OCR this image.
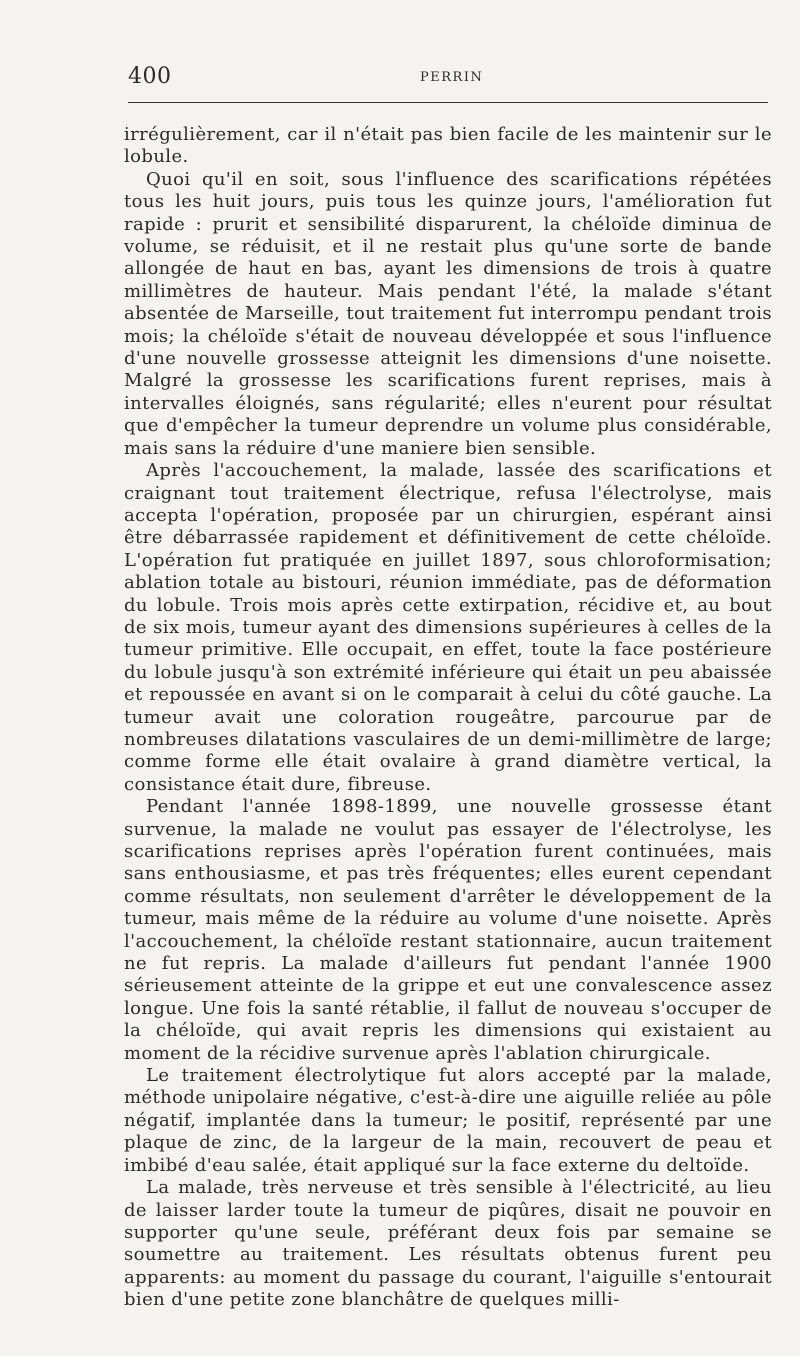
400	PERRIN

irrégulièrement, car il n'était pas bien facile de les maintenir sur le lobule.

Quoi qu'il en soit, sous l'influence des scarifications répétées tous les huit jours, puis tous les quinze jours, l'amélioration fut rapide : prurit et sensibilité disparurent, la chéloïde diminua de volume, se réduisit, et il ne restait plus qu'une sorte de bande allongée de haut en bas, ayant les dimensions de trois à quatre millimètres de hauteur. Mais pendant l'été, la malade s'étant absentée de Marseille, tout traitement fut interrompu pendant trois mois; la chéloïde s'était de nouveau développée et sous l'influence d'une nouvelle grossesse atteignit les dimensions d'une noisette. Malgré la grossesse les scarifications furent reprises, mais à intervalles éloignés, sans régularité; elles n'eurent pour résultat que d'empêcher la tumeur deprendre un volume plus considérable, mais sans la réduire d'une maniere bien sensible.

Après l'accouchement, la malade, lassée des scarifications et craignant tout traitement électrique, refusa l'électrolyse, mais accepta l'opération, proposée par un chirurgien, espérant ainsi être débarrassée rapidement et définitivement de cette chéloïde. L'opération fut pratiquée en juillet 1897, sous chloroformisation; ablation totale au bistouri, réunion immédiate, pas de déformation du lobule. Trois mois après cette extirpation, récidive et, au bout de six mois, tumeur ayant des dimensions supérieures à celles de la tumeur primitive. Elle occupait, en effet, toute la face postérieure du lobule jusqu'à son extrémité inférieure qui était un peu abaissée et repoussée en avant si on le comparait à celui du côté gauche. La tumeur avait une coloration rougeâtre, parcourue par de nombreuses dilatations vasculaires de un demi-millimètre de large; comme forme elle était ovalaire à grand diamètre vertical, la consistance était dure, fibreuse.

Pendant l'année 1898-1899, une nouvelle grossesse étant survenue, la malade ne voulut pas essayer de l'électrolyse, les scarifications reprises après l'opération furent continuées, mais sans enthousiasme, et pas très fréquentes; elles eurent cependant comme résultats, non seulement d'arrêter le développement de la tumeur, mais même de la réduire au volume d'une noisette. Après l'accouchement, la chéloïde restant stationnaire, aucun traitement ne fut repris. La malade d'ailleurs fut pendant l'année 1900 sérieusement atteinte de la grippe et eut une convalescence assez longue. Une fois la santé rétablie, il fallut de nouveau s'occuper de la chéloïde, qui avait repris les dimensions qui existaient au moment de la récidive survenue après l'ablation chirurgicale.

Le traitement électrolytique fut alors accepté par la malade, méthode unipolaire négative, c'est-à-dire une aiguille reliée au pôle négatif, implantée dans la tumeur; le positif, représenté par une plaque de zinc, de la largeur de la main, recouvert de peau et imbibé d'eau salée, était appliqué sur la face externe du deltoïde.

La malade, très nerveuse et très sensible à l'électricité, au lieu de laisser larder toute la tumeur de piqûres, disait ne pouvoir en supporter qu'une seule, préférant deux fois par semaine se soumettre au traitement. Les résultats obtenus furent peu apparents: au moment du passage du courant, l'aiguille s'entourait bien d'une petite zone blanchâtre de quelques milli-
